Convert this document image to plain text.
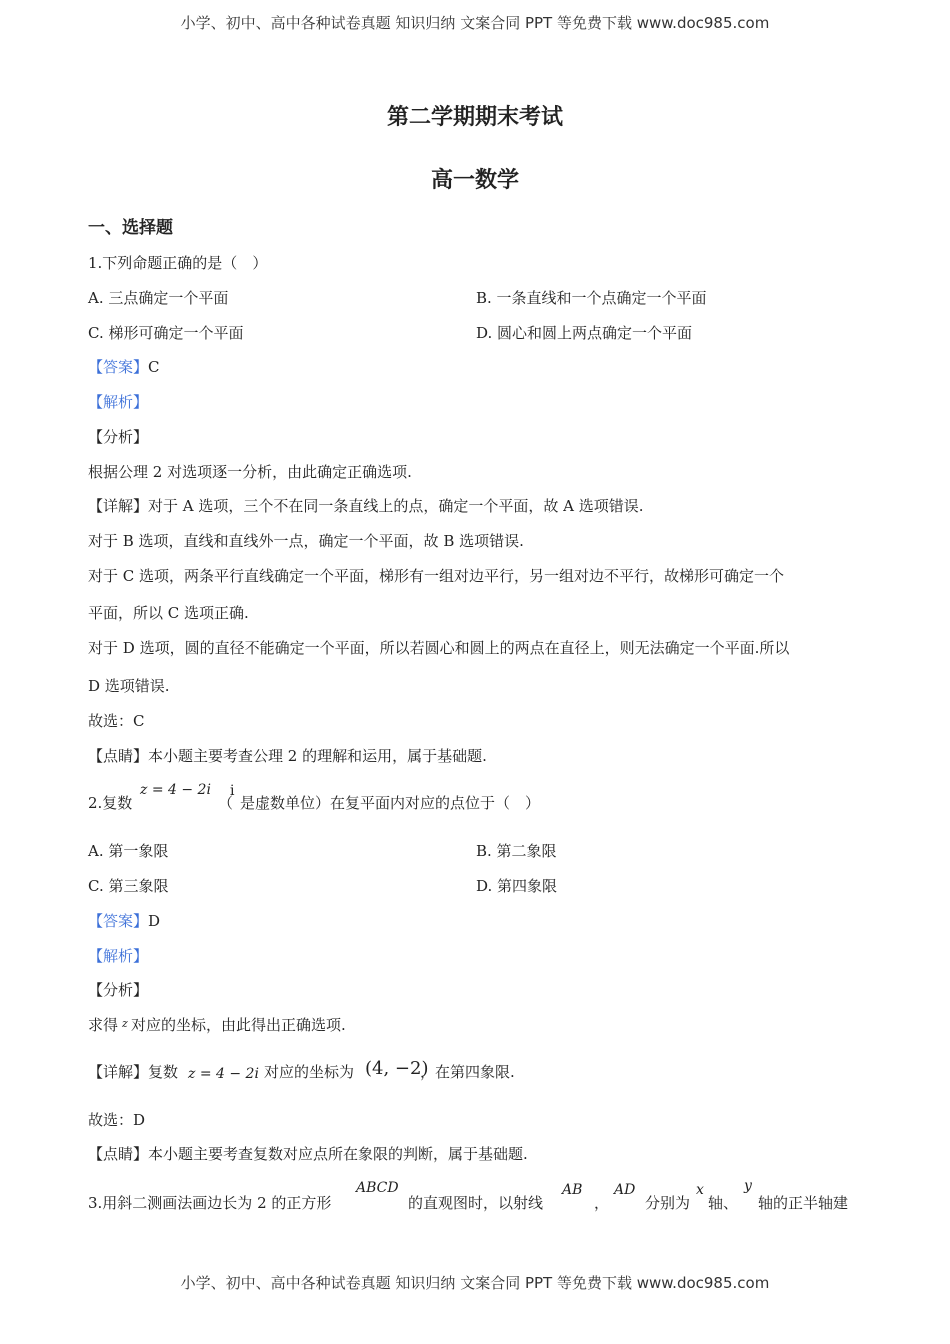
小学、初中、高中各种试卷真题 知识归纳 文案合同 PPT 等免费下载 www.doc985.com
第二学期期末考试
高一数学
一、选择题
1.下列命题正确的是（　）
A. 三点确定一个平面	B. 一条直线和一个点确定一个平面
C. 梯形可确定一个平面	D. 圆心和圆上两点确定一个平面
【答案】C
【解析】
【分析】
根据公理 2 对选项逐一分析，由此确定正确选项.
【详解】对于 A 选项，三个不在同一条直线上的点，确定一个平面，故 A 选项错误.
对于 B 选项，直线和直线外一点，确定一个平面，故 B 选项错误.
对于 C 选项，两条平行直线确定一个平面，梯形有一组对边平行，另一组对边不平行，故梯形可确定一个
平面，所以 C 选项正确.
对于 D 选项，圆的直径不能确定一个平面，所以若圆心和圆上的两点在直径上，则无法确定一个平面.所以
D 选项错误.
故选：C
【点睛】本小题主要考查公理 2 的理解和运用，属于基础题.
2.复数
z = 4 − 2i
（
i
是虚数单位）在复平面内对应的点位于（　）
A. 第一象限	B. 第二象限
C. 第三象限	D. 第四象限
【答案】D
【解析】
【分析】
求得 z 对应的坐标，由此得出正确选项.
【详解】复数 z = 4 − 2i 对应的坐标为 (4, −2)
，在第四象限.
故选：D
【点睛】本小题主要考查复数对应点所在象限的判断，属于基础题.
3.用斜二测画法画边长为 2 的正方形
ABCD
的直观图时，以射线
AB
，
AD
分别为
x
轴、
y
轴的正半轴建
小学、初中、高中各种试卷真题 知识归纳 文案合同 PPT 等免费下载 www.doc985.com
